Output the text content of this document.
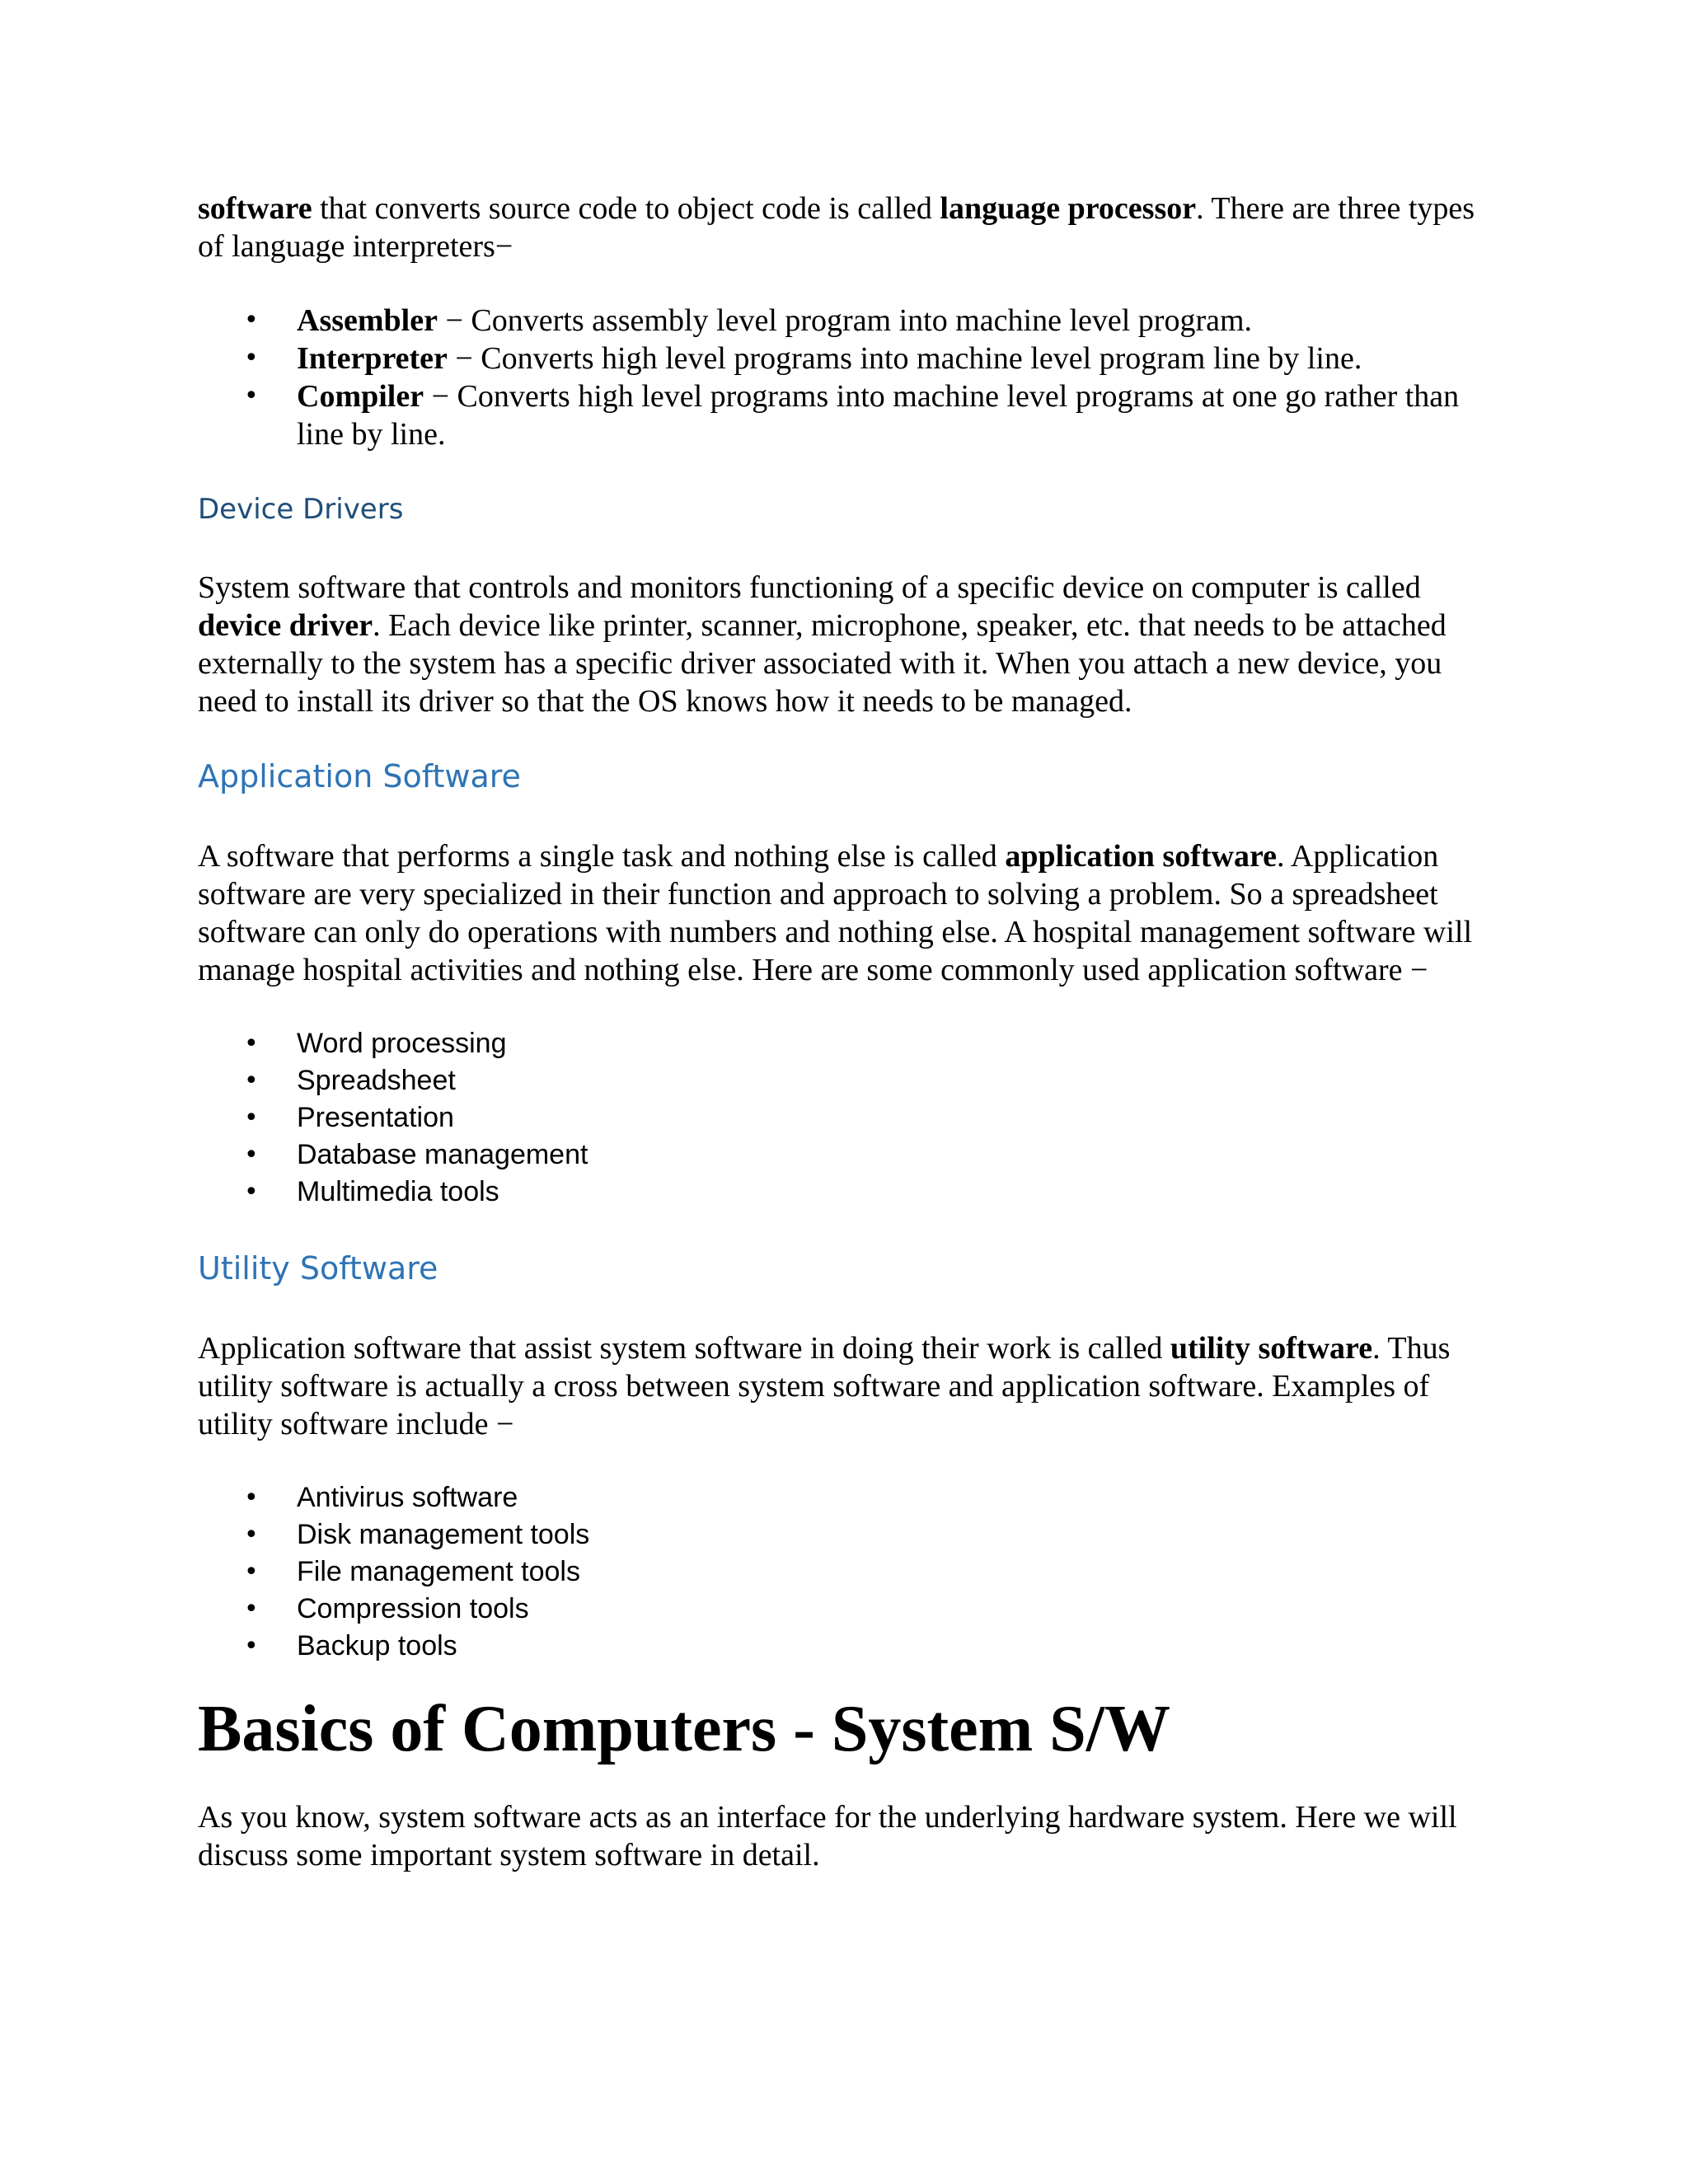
software that converts source code to object code is called language processor. There are three types of language interpreters−

• Assembler − Converts assembly level program into machine level program.
• Interpreter − Converts high level programs into machine level program line by line.
• Compiler − Converts high level programs into machine level programs at one go rather than line by line.
Device Drivers

System software that controls and monitors functioning of a specific device on computer is called device driver. Each device like printer, scanner, microphone, speaker, etc. that needs to be attached externally to the system has a specific driver associated with it. When you attach a new device, you need to install its driver so that the OS knows how it needs to be managed.

Application Software

A software that performs a single task and nothing else is called application software. Application software are very specialized in their function and approach to solving a problem. So a spreadsheet software can only do operations with numbers and nothing else. A hospital management software will manage hospital activities and nothing else. Here are some commonly used application software −

• Word processing
• Spreadsheet
• Presentation
• Database management
• Multimedia tools
Utility Software

Application software that assist system software in doing their work is called utility software. Thus utility software is actually a cross between system software and application software. Examples of utility software include −

• Antivirus software
• Disk management tools
• File management tools
• Compression tools
• Backup tools
Basics of Computers - System S/W

As you know, system software acts as an interface for the underlying hardware system. Here we will discuss some important system software in detail.
